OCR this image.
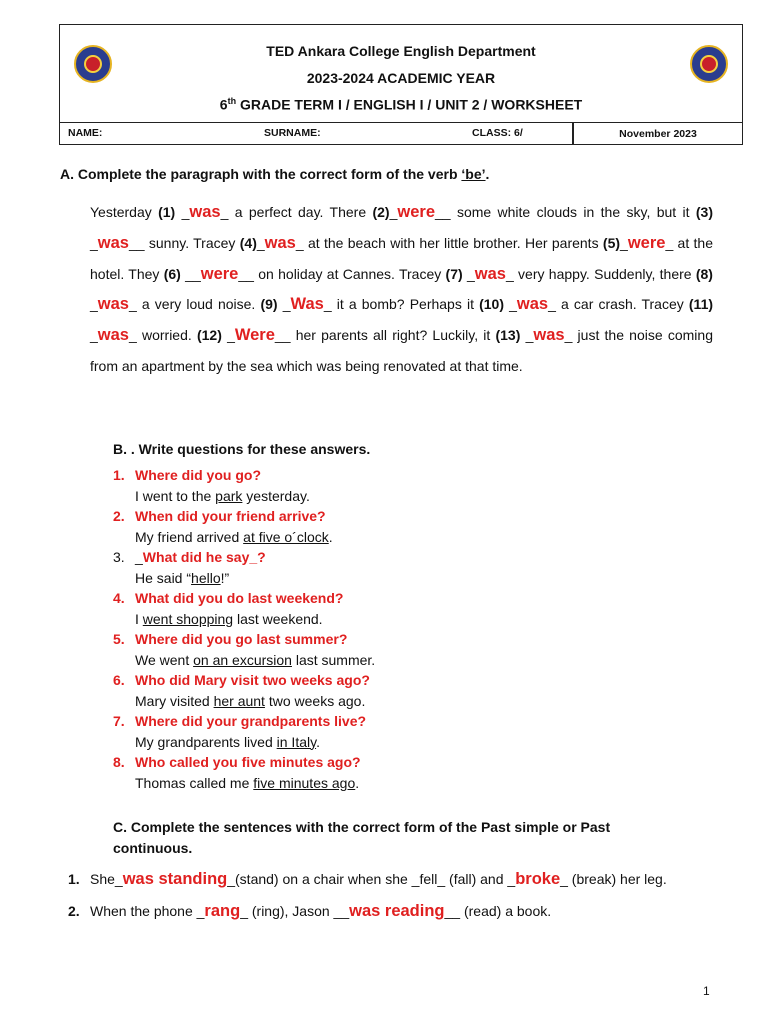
TED Ankara College English Department
2023-2024 ACADEMIC YEAR
6th GRADE TERM I / ENGLISH I / UNIT 2 / WORKSHEET
NAME:	SURNAME:	CLASS: 6/	November 2023
A. Complete the paragraph with the correct form of the verb ‘be’.
Yesterday (1) _was_ a perfect day. There (2)_were__ some white clouds in the sky, but it (3) _was__ sunny. Tracey (4)_was_ at the beach with her little brother. Her parents (5)_were_ at the hotel. They (6) __were__ on holiday at Cannes. Tracey (7) _was_ very happy. Suddenly, there (8) _was_ a very loud noise. (9) _Was_ it a bomb? Perhaps it (10) _was_ a car crash. Tracey (11) _was_ worried. (12) _Were__ her parents all right? Luckily, it (13) _was_ just the noise coming from an apartment by the sea which was being renovated at that time.
B. . Write questions for these answers.
1. Where did you go?
I went to the park yesterday.
2. When did your friend arrive?
My friend arrived at five o´clock.
3. _ What did he say _?
He said “hello!”
4. What did you do last weekend?
I went shopping last weekend.
5. Where did you go last summer?
We went on an excursion last summer.
6. Who did Mary visit two weeks ago?
Mary visited her aunt two weeks ago.
7. Where did your grandparents live?
My grandparents lived in Italy.
8. Who called you five minutes ago?
Thomas called me five minutes ago.
C. Complete the sentences with the correct form of the Past simple or Past continuous.
1. She_was standing_(stand) on a chair when she _fell_ (fall) and _broke_ (break) her leg.
2. When the phone _rang_ (ring), Jason __was reading__ (read) a book.
1
